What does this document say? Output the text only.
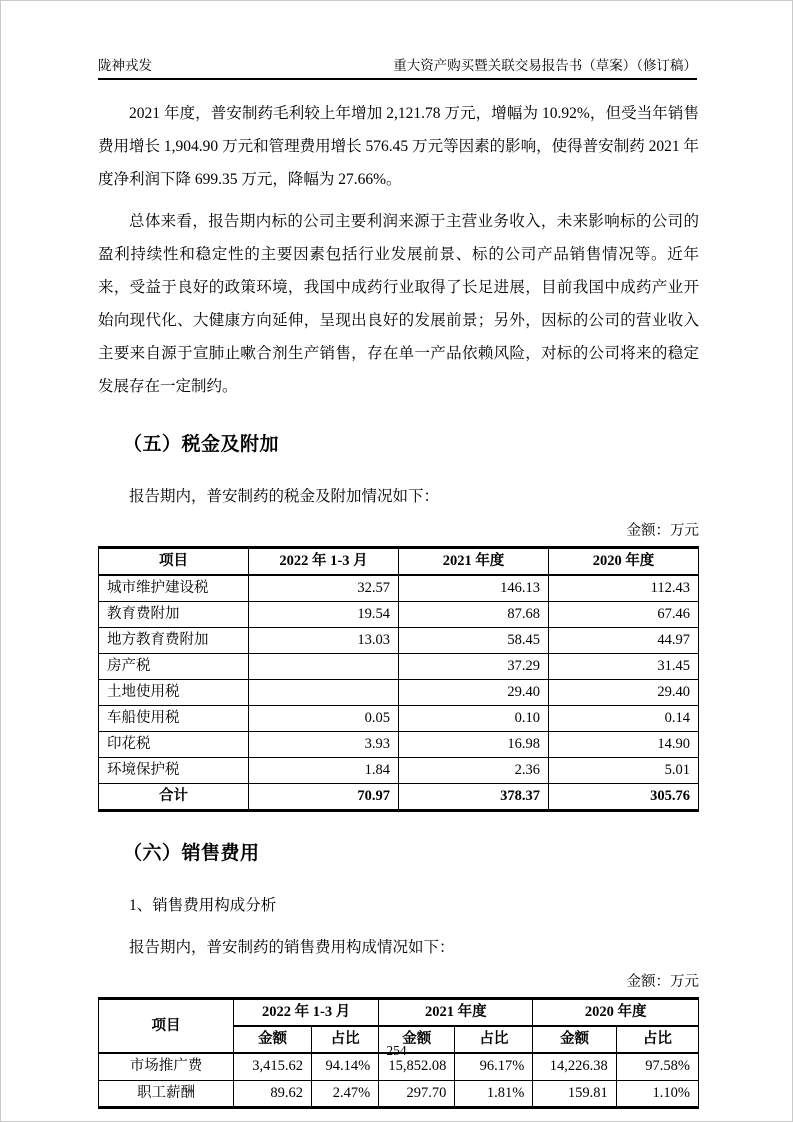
陇神戎发	重大资产购买暨关联交易报告书（草案）（修订稿）

2021 年度，普安制药毛利较上年增加 2,121.78 万元，增幅为 10.92%，但受当年销售费用增长 1,904.90 万元和管理费用增长 576.45 万元等因素的影响，使得普安制药 2021 年度净利润下降 699.35 万元，降幅为 27.66%。

总体来看，报告期内标的公司主要利润来源于主营业务收入，未来影响标的公司的盈利持续性和稳定性的主要因素包括行业发展前景、标的公司产品销售情况等。近年来，受益于良好的政策环境，我国中成药行业取得了长足进展，目前我国中成药产业开始向现代化、大健康方向延伸，呈现出良好的发展前景；另外，因标的公司的营业收入主要来自源于宣肺止嗽合剂生产销售，存在单一产品依赖风险，对标的公司将来的稳定发展存在一定制约。

（五）税金及附加

报告期内，普安制药的税金及附加情况如下：

金额：万元
项目	2022 年 1-3 月	2021 年度	2020 年度
城市维护建设税	32.57	146.13	112.43
教育费附加	19.54	87.68	67.46
地方教育费附加	13.03	58.45	44.97
房产税		37.29	31.45
土地使用税		29.40	29.40
车船使用税	0.05	0.10	0.14
印花税	3.93	16.98	14.90
环境保护税	1.84	2.36	5.01
合计	70.97	378.37	305.76
（六）销售费用

1、销售费用构成分析

报告期内，普安制药的销售费用构成情况如下：

金额：万元
项目	2022 年 1-3 月		2021 年度		2020 年度	
	金额	占比	金额	占比	金额	占比
市场推广费	3,415.62	94.14%	15,852.08	96.17%	14,226.38	97.58%
职工薪酬	89.62	2.47%	297.70	1.81%	159.81	1.10%
254
